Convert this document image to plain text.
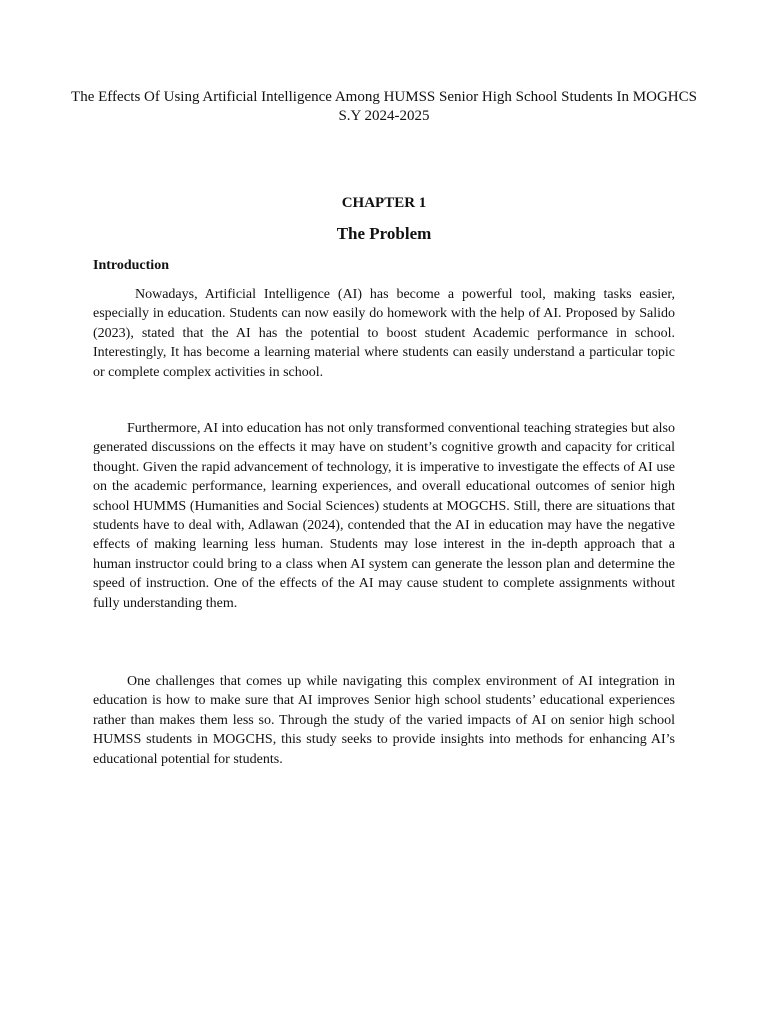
The Effects Of Using Artificial Intelligence Among HUMSS Senior High School Students In MOGHCS S.Y 2024-2025
CHAPTER 1
The Problem
Introduction

Nowadays, Artificial Intelligence (AI) has become a powerful tool, making tasks easier, especially in education. Students can now easily do homework with the help of AI. Proposed by Salido (2023), stated that the AI has the potential to boost student Academic performance in school. Interestingly, It has become a learning material where students can easily understand a particular topic or complete complex activities in school.

Furthermore, AI into education has not only transformed conventional teaching strategies but also generated discussions on the effects it may have on student’s cognitive growth and capacity for critical thought. Given the rapid advancement of technology, it is imperative to investigate the effects of AI use on the academic performance, learning experiences, and overall educational outcomes of senior high school HUMMS (Humanities and Social Sciences) students at MOGCHS. Still, there are situations that students have to deal with, Adlawan (2024), contended that the AI in education may have the negative effects of making learning less human. Students may lose interest in the in-depth approach that a human instructor could bring to a class when AI system can generate the lesson plan and determine the speed of instruction. One of the effects of the AI may cause student to complete assignments without fully understanding them.

One challenges that comes up while navigating this complex environment of AI integration in education is how to make sure that AI improves Senior high school students’ educational experiences rather than makes them less so. Through the study of the varied impacts of AI on senior high school HUMSS students in MOGCHS, this study seeks to provide insights into methods for enhancing AI’s educational potential for students.
